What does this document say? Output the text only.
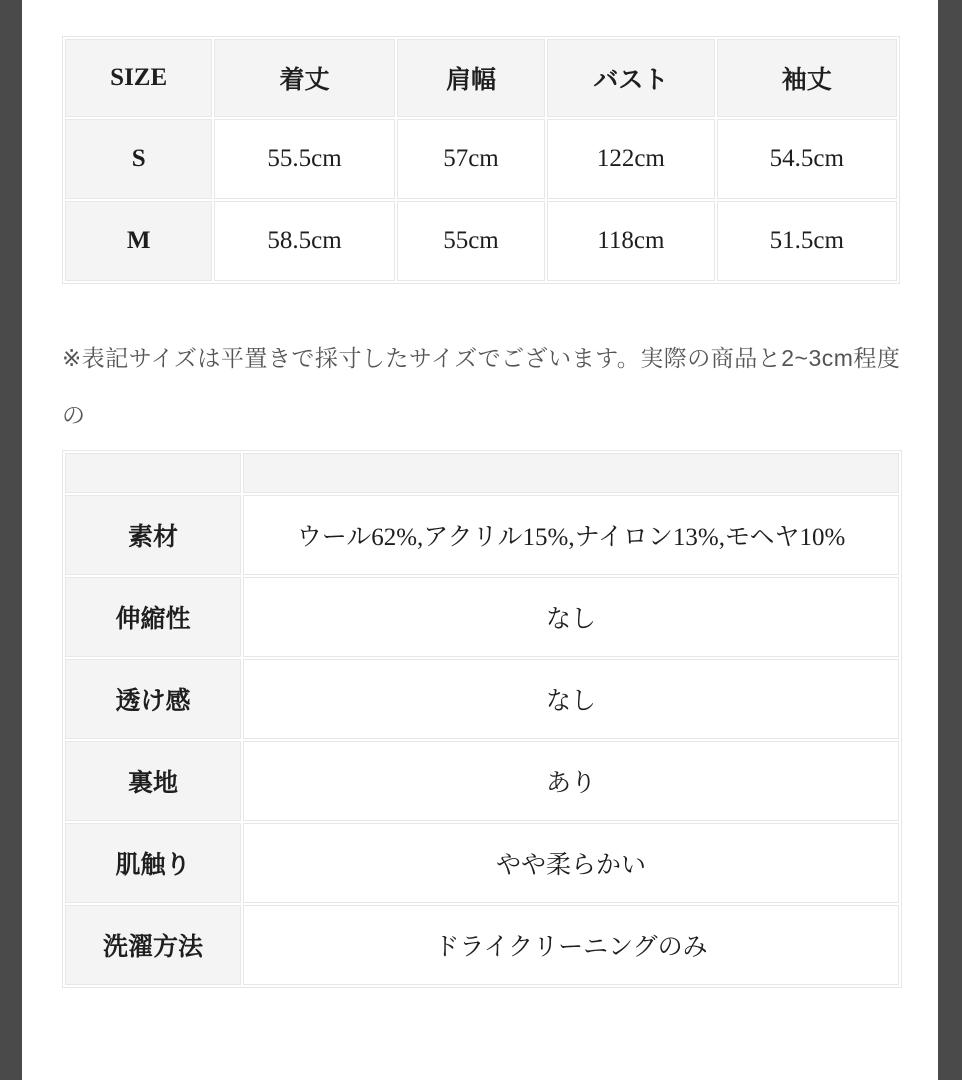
SIZE	着丈	肩幅	バスト	袖丈
S	55.5cm	57cm	122cm	54.5cm
M	58.5cm	55cm	118cm	51.5cm
※表記サイズは平置きで採寸したサイズでございます。実際の商品と2~3cm程度の

素材	ウール62%,アクリル15%,ナイロン13%,モヘヤ10%
伸縮性	なし
透け感	なし
裏地	あり
肌触り	やや柔らかい
洗濯方法	ドライクリーニングのみ
